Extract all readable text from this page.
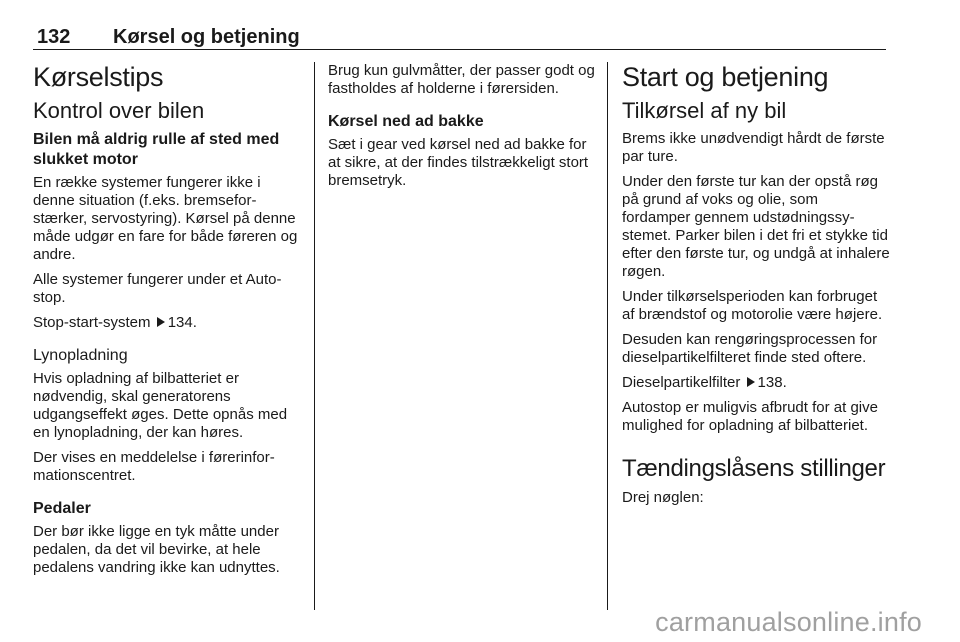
132 Kørsel og betjening
Kørselstips
Kontrol over bilen
Bilen må aldrig rulle af sted med slukket motor

En række systemer fungerer ikke i denne situation (f.eks. bremseforstærker, servostyring). Kørsel på denne måde udgør en fare for både føreren og andre.

Alle systemer fungerer under et Autostop.

Stop-start-system 134.

Lynopladning

Hvis opladning af bilbatteriet er nødvendig, skal generatorens udgangseffekt øges. Dette opnås med en lynopladning, der kan høres.

Der vises en meddelelse i førerinformationscentret.

Pedaler

Der bør ikke ligge en tyk måtte under pedalen, da det vil bevirke, at hele pedalens vandring ikke kan udnyttes.

Brug kun gulvmåtter, der passer godt og fastholdes af holderne i førersiden.

Kørsel ned ad bakke

Sæt i gear ved kørsel ned ad bakke for at sikre, at der findes tilstrækkeligt stort bremsetryk.

Start og betjening
Tilkørsel af ny bil

Brems ikke unødvendigt hårdt de første par ture.

Under den første tur kan der opstå røg på grund af voks og olie, som fordamper gennem udstødningssystemet. Parker bilen i det fri et stykke tid efter den første tur, og undgå at inhalere røgen.

Under tilkørselsperioden kan forbruget af brændstof og motorolie være højere.

Desuden kan rengøringsprocessen for dieselpartikelfilteret finde sted oftere.

Dieselpartikelfilter 138.

Autostop er muligvis afbrudt for at give mulighed for opladning af bilbatteriet.

Tændingslåsens stillinger

Drej nøglen:

carmanualsonline.info
